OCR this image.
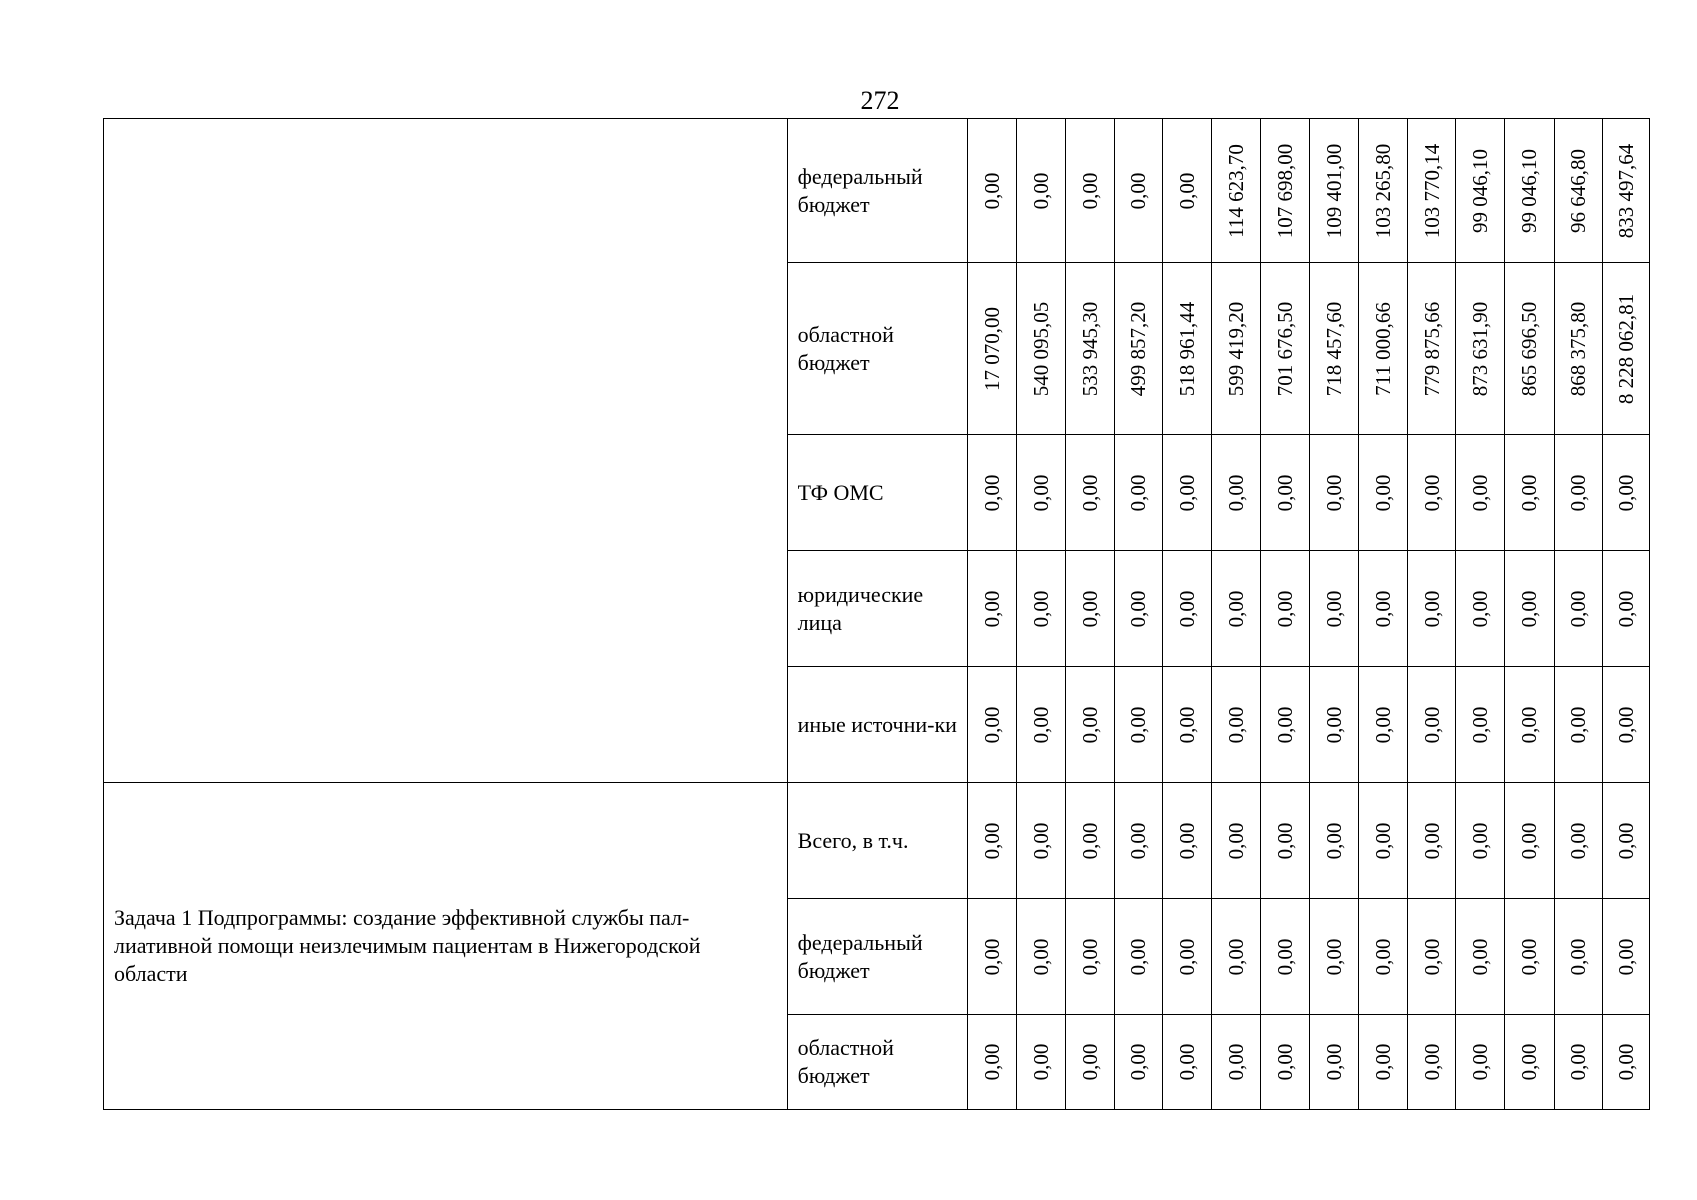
272
	федеральный бюджет	0,00	0,00	0,00	0,00	0,00	114 623,70	107 698,00	109 401,00	103 265,80	103 770,14	99 046,10	99 046,10	96 646,80	833 497,64

	областной бюджет	17 070,00	540 095,05	533 945,30	499 857,20	518 961,44	599 419,20	701 676,50	718 457,60	711 000,66	779 875,66	873 631,90	865 696,50	868 375,80	8 228 062,81

	ТФ ОМС	0,00	0,00	0,00	0,00	0,00	0,00	0,00	0,00	0,00	0,00	0,00	0,00	0,00	0,00

	юридические лица	0,00	0,00	0,00	0,00	0,00	0,00	0,00	0,00	0,00	0,00	0,00	0,00	0,00	0,00

	иные источни-ки	0,00	0,00	0,00	0,00	0,00	0,00	0,00	0,00	0,00	0,00	0,00	0,00	0,00	0,00

Задача 1 Подпрограммы: создание эффективной службы пал-лиативной помощи неизлечимым пациентам в Нижегородской области	Всего, в т.ч.	0,00	0,00	0,00	0,00	0,00	0,00	0,00	0,00	0,00	0,00	0,00	0,00	0,00	0,00

	федеральный бюджет	0,00	0,00	0,00	0,00	0,00	0,00	0,00	0,00	0,00	0,00	0,00	0,00	0,00	0,00

	областной бюджет	0,00	0,00	0,00	0,00	0,00	0,00	0,00	0,00	0,00	0,00	0,00	0,00	0,00	0,00
